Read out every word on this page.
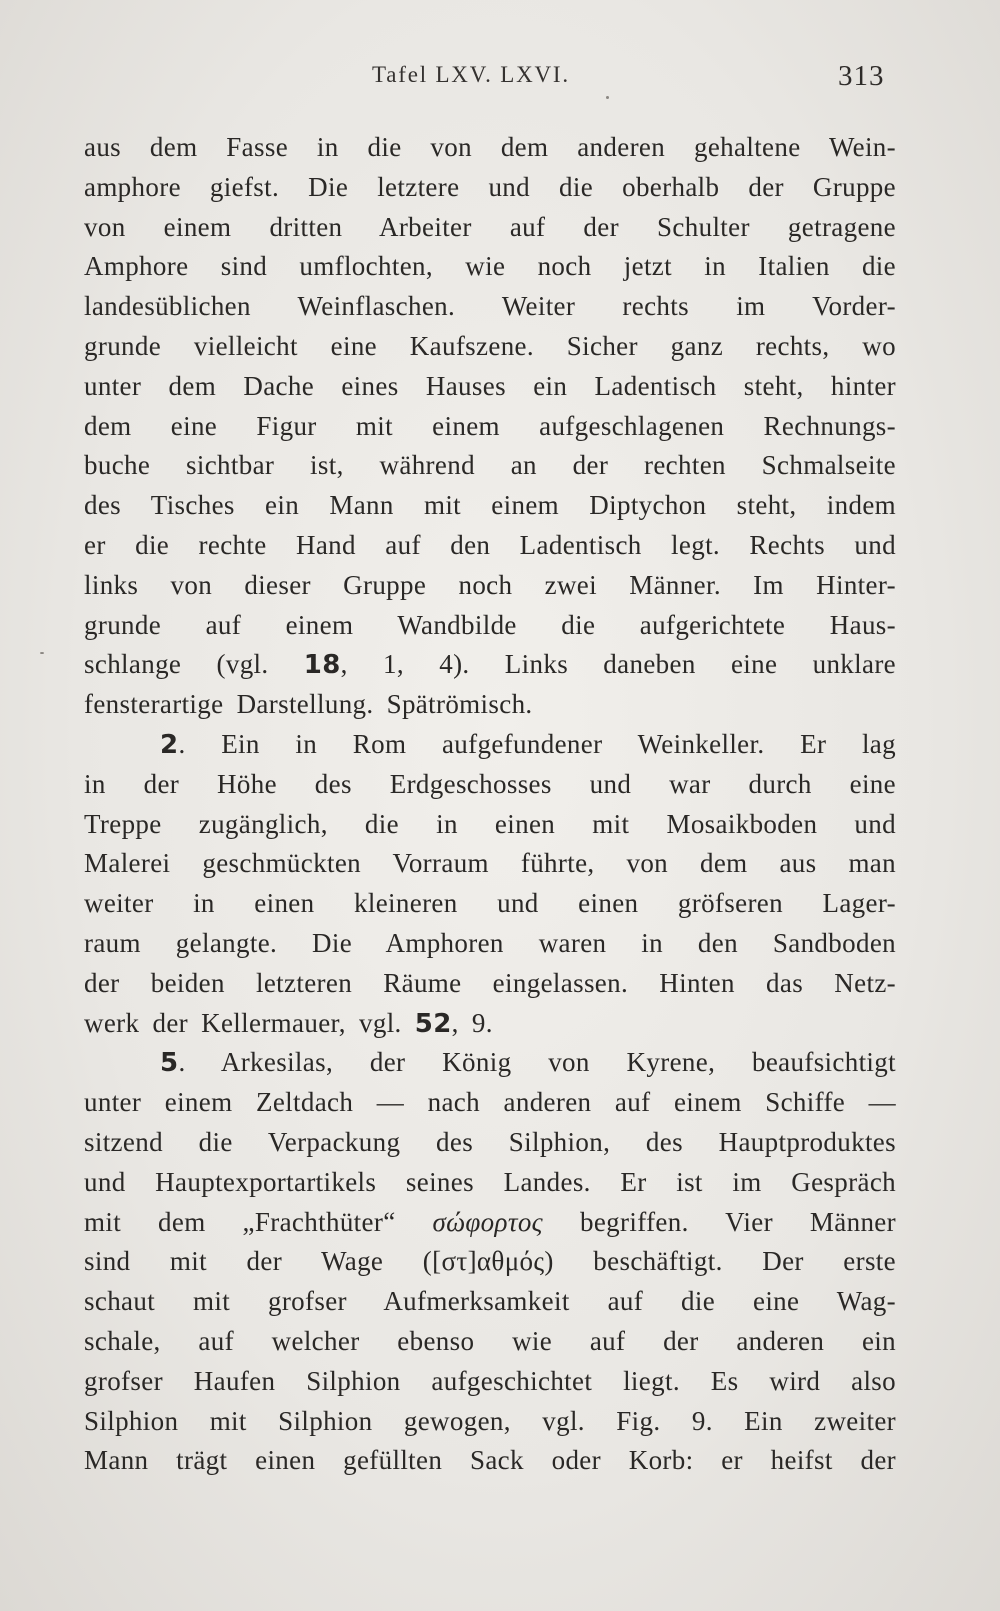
Tafel LXV. LXVI.	313
aus dem Fasse in die von dem anderen gehaltene Wein-
amphore giefst. Die letztere und die oberhalb der Gruppe
von einem dritten Arbeiter auf der Schulter getragene
Amphore sind umflochten, wie noch jetzt in Italien die
landesüblichen Weinflaschen. Weiter rechts im Vorder-
grunde vielleicht eine Kaufszene. Sicher ganz rechts, wo
unter dem Dache eines Hauses ein Ladentisch steht, hinter
dem eine Figur mit einem aufgeschlagenen Rechnungs-
buche sichtbar ist, während an der rechten Schmalseite
des Tisches ein Mann mit einem Diptychon steht, indem
er die rechte Hand auf den Ladentisch legt. Rechts und
links von dieser Gruppe noch zwei Männer. Im Hinter-
grunde auf einem Wandbilde die aufgerichtete Haus-
schlange (vgl. 18, 1, 4). Links daneben eine unklare
fensterartige Darstellung. Spätrömisch.
2. Ein in Rom aufgefundener Weinkeller. Er lag
in der Höhe des Erdgeschosses und war durch eine
Treppe zugänglich, die in einen mit Mosaikboden und
Malerei geschmückten Vorraum führte, von dem aus man
weiter in einen kleineren und einen gröfseren Lager-
raum gelangte. Die Amphoren waren in den Sandboden
der beiden letzteren Räume eingelassen. Hinten das Netz-
werk der Kellermauer, vgl. 52, 9.
5. Arkesilas, der König von Kyrene, beaufsichtigt
unter einem Zeltdach — nach anderen auf einem Schiffe —
sitzend die Verpackung des Silphion, des Hauptproduktes
und Hauptexportartikels seines Landes. Er ist im Gespräch
mit dem „Frachthüter“ σώφορτος begriffen. Vier Männer
sind mit der Wage ([στ]αθμός) beschäftigt. Der erste
schaut mit grofser Aufmerksamkeit auf die eine Wag-
schale, auf welcher ebenso wie auf der anderen ein
grofser Haufen Silphion aufgeschichtet liegt. Es wird also
Silphion mit Silphion gewogen, vgl. Fig. 9. Ein zweiter
Mann trägt einen gefüllten Sack oder Korb: er heifst der
